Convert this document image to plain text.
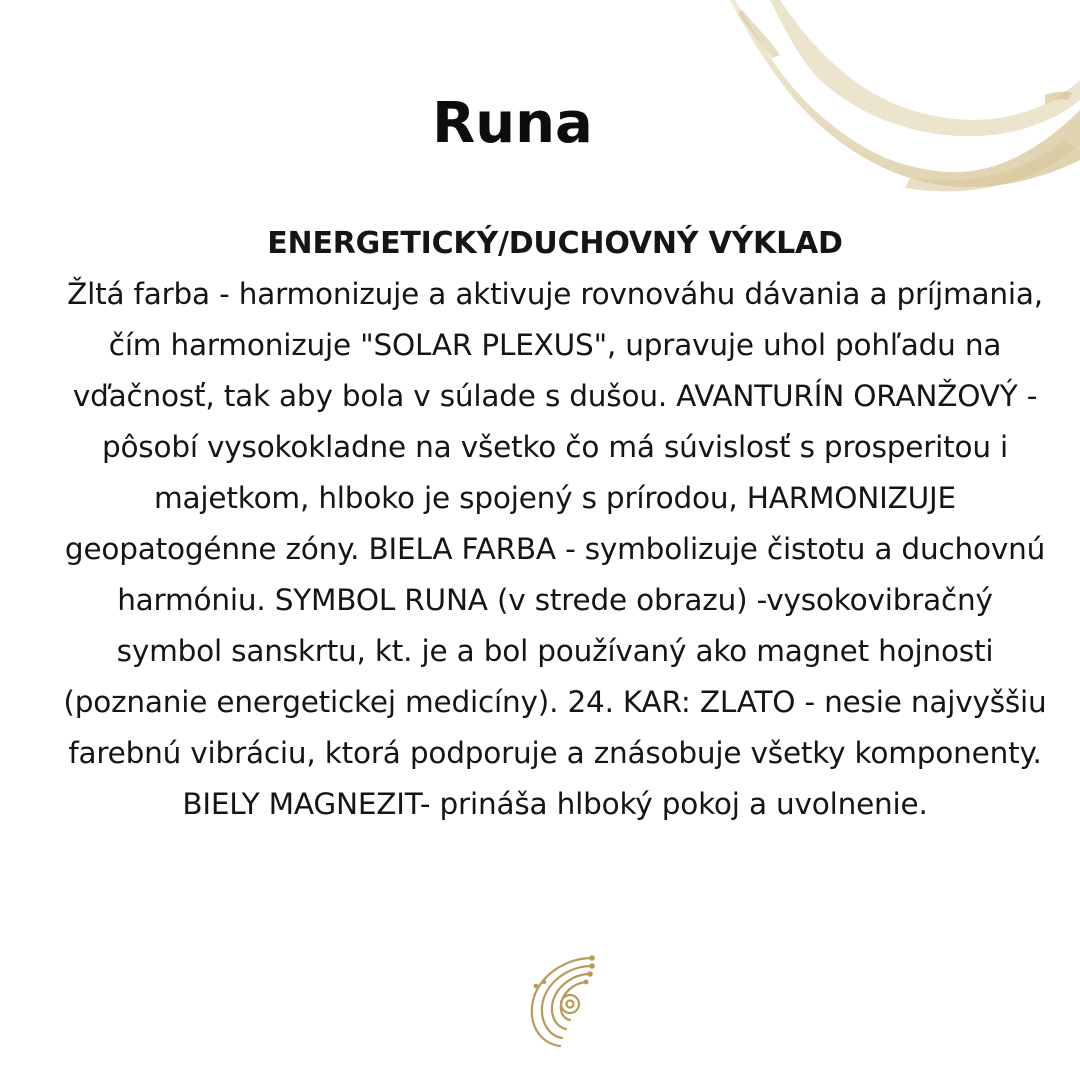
Runa
ENERGETICKÝ/DUCHOVNÝ VÝKLAD
Žltá farba - harmonizuje a aktivuje rovnováhu dávania a príjmania, čím harmonizuje "SOLAR PLEXUS", upravuje uhol pohľadu na vďačnosť, tak aby bola v súlade s dušou. AVANTURÍN ORANŽOVÝ - pôsobí vysokokladne na všetko čo má súvislosť s prosperitou i majetkom, hlboko je spojený s prírodou, HARMONIZUJE geopatogénne zóny. BIELA FARBA - symbolizuje čistotu a duchovnú harmóniu. SYMBOL RUNA (v strede obrazu) -vysokovibračný symbol sanskrtu, kt. je a bol používaný ako magnet hojnosti (poznanie energetickej medicíny). 24. KAR: ZLATO - nesie najvyššiu farebnú vibráciu, ktorá podporuje a znásobuje všetky komponenty. BIELY MAGNEZIT- prináša hlboký pokoj a uvolnenie.
